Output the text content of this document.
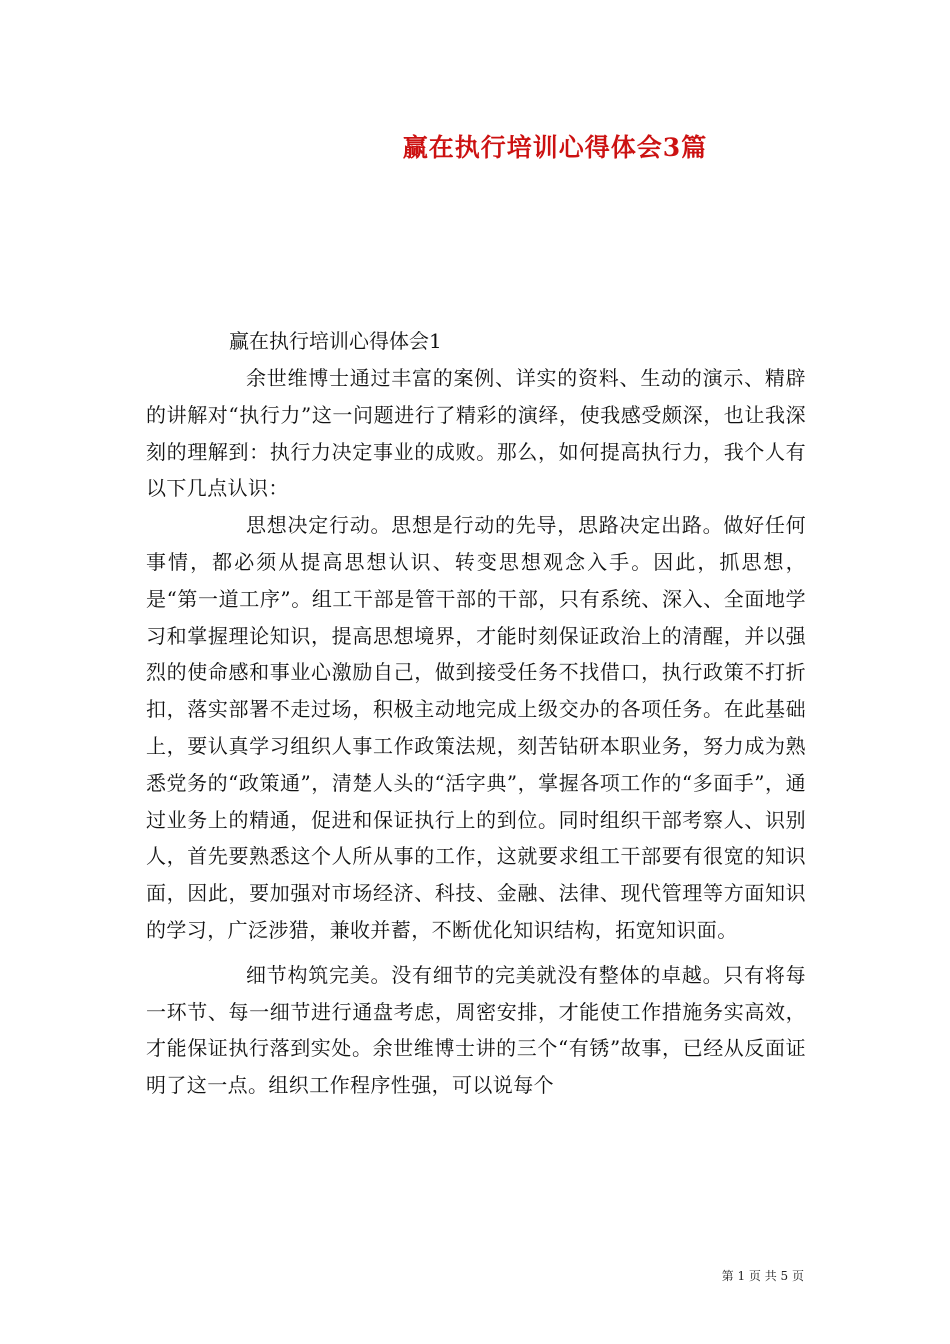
赢在执行培训心得体会3篇
赢在执行培训心得体会1

余世维博士通过丰富的案例、详实的资料、生动的演示、精辟的讲解对“执行力”这一问题进行了精彩的演绎，使我感受颇深，也让我深刻的理解到：执行力决定事业的成败。那么，如何提高执行力，我个人有以下几点认识：

思想决定行动。思想是行动的先导，思路决定出路。做好任何事情，都必须从提高思想认识、转变思想观念入手。因此，抓思想，是“第一道工序”。组工干部是管干部的干部，只有系统、深入、全面地学习和掌握理论知识，提高思想境界，才能时刻保证政治上的清醒，并以强烈的使命感和事业心激励自己，做到接受任务不找借口，执行政策不打折扣，落实部署不走过场，积极主动地完成上级交办的各项任务。在此基础上，要认真学习组织人事工作政策法规，刻苦钻研本职业务，努力成为熟悉党务的“政策通”，清楚人头的“活字典”，掌握各项工作的“多面手”，通过业务上的精通，促进和保证执行上的到位。同时组织干部考察人、识别人，首先要熟悉这个人所从事的工作，这就要求组工干部要有很宽的知识面，因此，要加强对市场经济、科技、金融、法律、现代管理等方面知识的学习，广泛涉猎，兼收并蓄，不断优化知识结构，拓宽知识面。

细节构筑完美。没有细节的完美就没有整体的卓越。只有将每一环节、每一细节进行通盘考虑，周密安排，才能使工作措施务实高效，才能保证执行落到实处。余世维博士讲的三个“有锈”故事，已经从反面证明了这一点。组织工作程序性强，可以说每个

第 1 页 共 5 页
